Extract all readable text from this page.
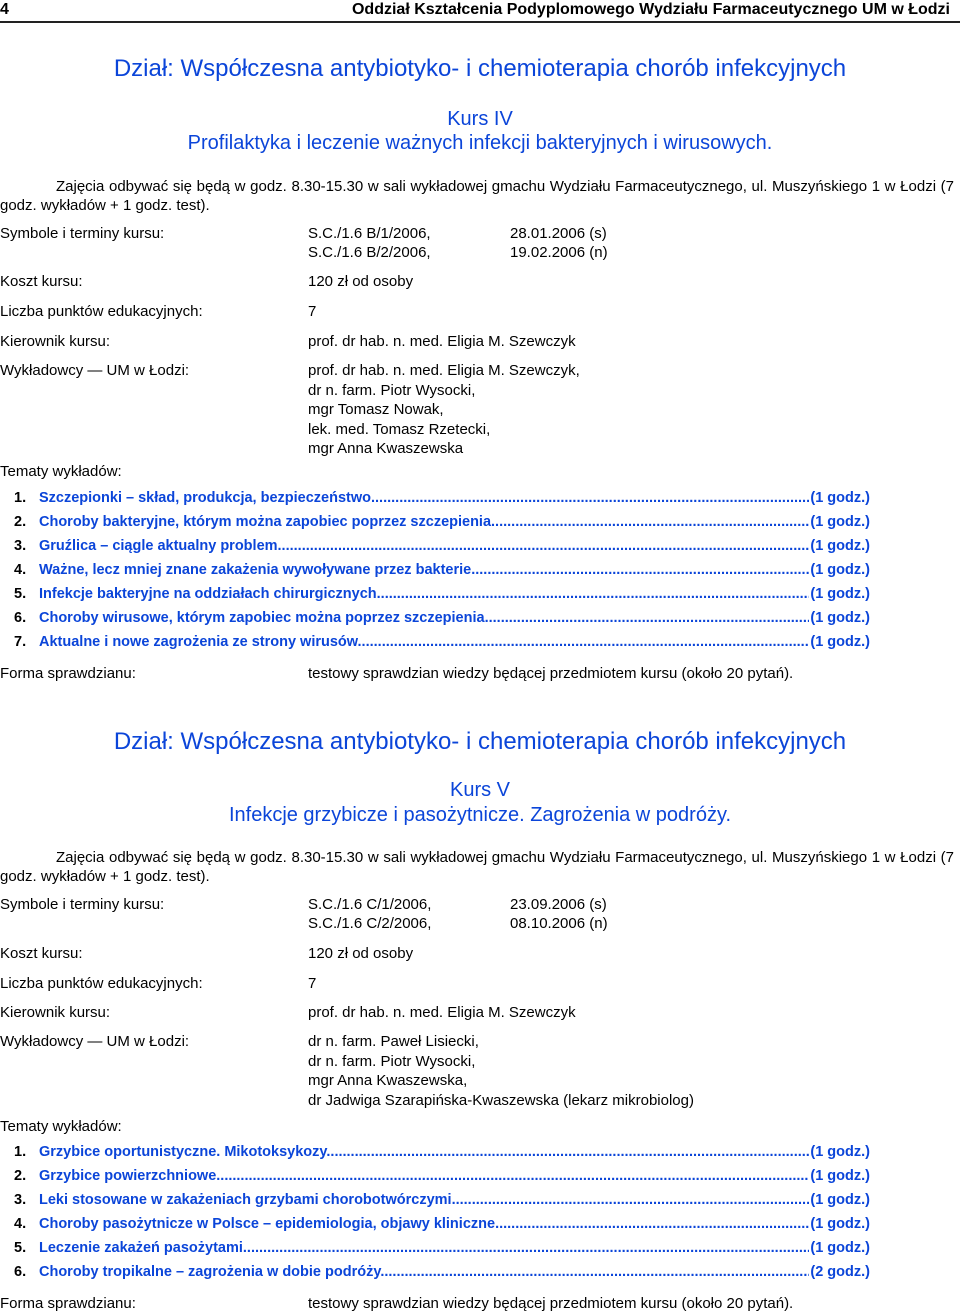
4	Oddział Kształcenia Podyplomowego Wydziału Farmaceutycznego UM w Łodzi
Dział: Współczesna antybiotyko- i chemioterapia chorób infekcyjnych
Kurs IV
Profilaktyka i leczenie ważnych infekcji bakteryjnych i wirusowych.
Zajęcia odbywać się będą w godz. 8.30-15.30 w sali wykładowej gmachu Wydziału Farmaceutycznego, ul. Muszyńskiego 1 w Łodzi (7 godz. wykładów + 1 godz. test).
Symbole i terminy kursu:	S.C./1.6 B/1/2006,	28.01.2006 (s)
S.C./1.6 B/2/2006,	19.02.2006 (n)
Koszt kursu:	120 zł od osoby
Liczba punktów edukacyjnych:	7
Kierownik kursu:	prof. dr hab. n. med. Eligia M. Szewczyk
Wykładowcy — UM w Łodzi:	prof. dr hab. n. med. Eligia M. Szewczyk,
dr n. farm. Piotr Wysocki,
mgr Tomasz Nowak,
lek. med. Tomasz Rzetecki,
mgr Anna Kwaszewska
Tematy wykładów:
1. Szczepionki – skład, produkcja, bezpieczeństwo .....	(1 godz.)
2. Choroby bakteryjne, którym można zapobiec poprzez szczepienia .....	(1 godz.)
3. Gruźlica – ciągle aktualny problem .....	(1 godz.)
4. Ważne, lecz mniej znane zakażenia wywoływane przez bakterie .....	(1 godz.)
5. Infekcje bakteryjne na oddziałach chirurgicznych .....	(1 godz.)
6. Choroby wirusowe, którym zapobiec można poprzez szczepienia .....	(1 godz.)
7. Aktualne i nowe zagrożenia ze strony wirusów .....	(1 godz.)
Forma sprawdzianu:	testowy sprawdzian wiedzy będącej przedmiotem kursu (około 20 pytań).
Dział: Współczesna antybiotyko- i chemioterapia chorób infekcyjnych
Kurs V
Infekcje grzybicze i pasożytnicze. Zagrożenia w podróży.
Zajęcia odbywać się będą w godz. 8.30-15.30 w sali wykładowej gmachu Wydziału Farmaceutycznego, ul. Muszyńskiego 1 w Łodzi (7 godz. wykładów + 1 godz. test).
Symbole i terminy kursu:	S.C./1.6 C/1/2006,	23.09.2006 (s)
S.C./1.6 C/2/2006,	08.10.2006 (n)
Koszt kursu:	120 zł od osoby
Liczba punktów edukacyjnych:	7
Kierownik kursu:	prof. dr hab. n. med. Eligia M. Szewczyk
Wykładowcy — UM w Łodzi:	dr n. farm. Paweł Lisiecki,
dr n. farm. Piotr Wysocki,
mgr Anna Kwaszewska,
dr Jadwiga Szarapińska-Kwaszewska (lekarz mikrobiolog)
Tematy wykładów:
1. Grzybice oportunistyczne. Mikotoksykozy .....	(1 godz.)
2. Grzybice powierzchniowe .....	(1 godz.)
3. Leki stosowane w zakażeniach grzybami chorobotwórczymi .....	(1 godz.)
4. Choroby pasożytnicze w Polsce – epidemiologia, objawy kliniczne .....	(1 godz.)
5. Leczenie zakażeń pasożytami .....	(1 godz.)
6. Choroby tropikalne – zagrożenia w dobie podróży .....	(2 godz.)
Forma sprawdzianu:	testowy sprawdzian wiedzy będącej przedmiotem kursu (około 20 pytań).
